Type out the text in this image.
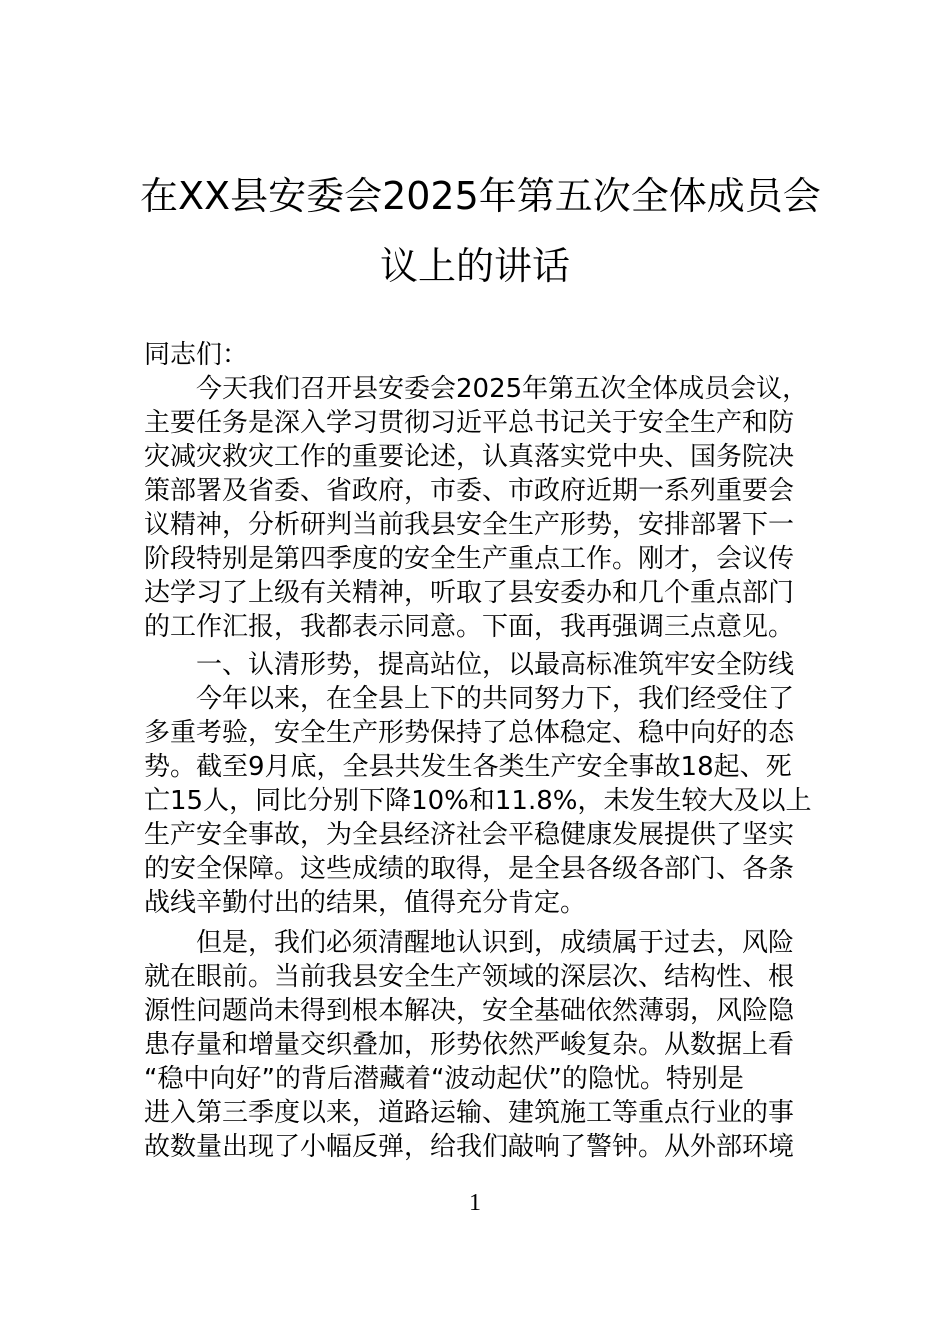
在XX县安委会2025年第五次全体成员会
议上的讲话

同志们：

今天我们召开县安委会2025年第五次全体成员会议，

主要任务是深入学习贯彻习近平总书记关于安全生产和防

灾减灾救灾工作的重要论述，认真落实党中央、国务院决

策部署及省委、省政府，市委、市政府近期一系列重要会

议精神，分析研判当前我县安全生产形势，安排部署下一

阶段特别是第四季度的安全生产重点工作。刚才，会议传

达学习了上级有关精神，听取了县安委办和几个重点部门

的工作汇报，我都表示同意。下面，我再强调三点意见。

一、认清形势，提高站位，以最高标准筑牢安全防线

今年以来，在全县上下的共同努力下，我们经受住了

多重考验，安全生产形势保持了总体稳定、稳中向好的态

势。截至9月底，全县共发生各类生产安全事故18起、死

亡15人，同比分别下降10%和11.8%，未发生较大及以上

生产安全事故，为全县经济社会平稳健康发展提供了坚实

的安全保障。这些成绩的取得，是全县各级各部门、各条

战线辛勤付出的结果，值得充分肯定。

但是，我们必须清醒地认识到，成绩属于过去，风险

就在眼前。当前我县安全生产领域的深层次、结构性、根

源性问题尚未得到根本解决，安全基础依然薄弱，风险隐

患存量和增量交织叠加，形势依然严峻复杂。从数据上看

“稳中向好”的背后潜藏着“波动起伏”的隐忧。特别是

进入第三季度以来，道路运输、建筑施工等重点行业的事

故数量出现了小幅反弹，给我们敲响了警钟。从外部环境

1
